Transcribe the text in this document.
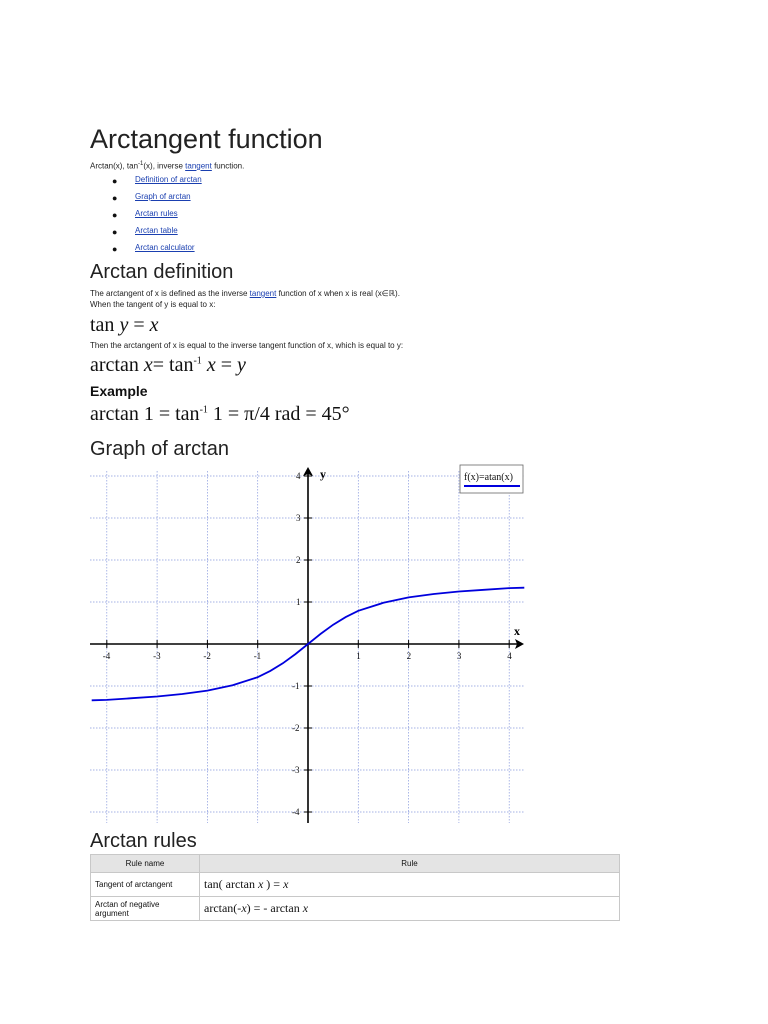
Arctangent function
Arctan(x), $\tan^{-1}(x)$, inverse tangent function.
● Definition of arctan
● Graph of arctan
● Arctan rules
● Arctan table
● Arctan calculator
Arctan definition
The arctangent of x is defined as the inverse tangent function of x when x is real (x∈ℝ).
When the tangent of y is equal to x:
tan y = x
Then the arctangent of x is equal to the inverse tangent function of x, which is equal to y:
$\arctan x= \tan^{-1} x = y$
Example
$\arctan 1 = \tan^{-1} 1 = \pi/4$ rad = 45°
Graph of arctan
-4	-3	-2	-1	1	2	3	4
4
3
2
1
-1
-2
-3
-4
x
y	f(x)=atan(x)
Arctan rules
Rule name	Rule
Tangent of arctangent	tan( arctan x ) = x
Arctan of negative argument	arctan(-x) = - arctan x
